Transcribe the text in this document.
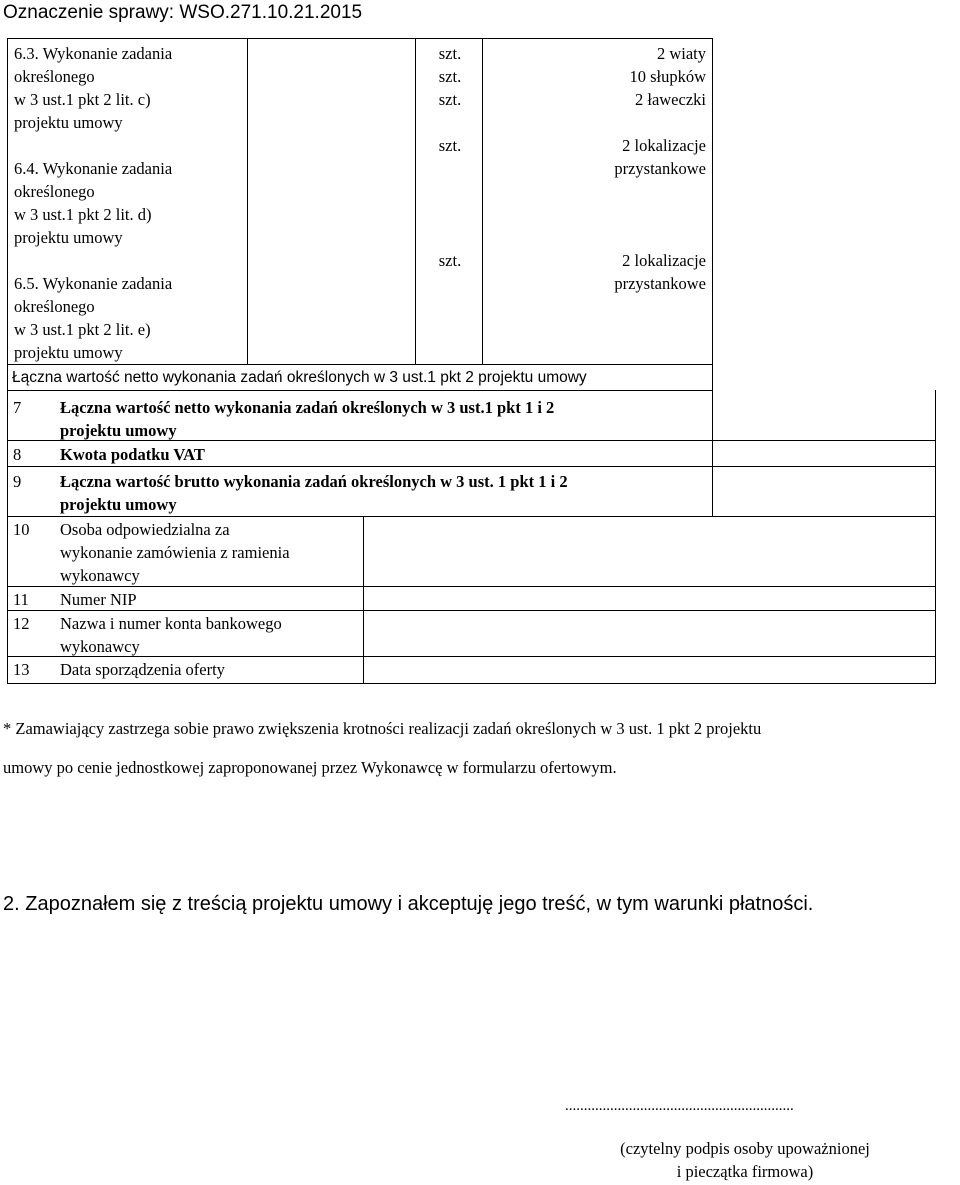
Oznaczenie sprawy: WSO.271.10.21.2015
6.3. Wykonanie zadania
określonego
w 3 ust.1 pkt 2 lit. c)
projektu umowy
szt.
szt.
szt.
2 wiaty
10 słupków
2 ławeczki
6.4. Wykonanie zadania
określonego
w 3 ust.1 pkt 2 lit. d)
projektu umowy
szt.	2 lokalizacje
przystankowe
6.5. Wykonanie zadania
określonego
w 3 ust.1 pkt 2 lit. e)
projektu umowy
szt.	2 lokalizacje
przystankowe
Łączna wartość netto wykonania zadań określonych w 3 ust.1 pkt 2 projektu umowy
7 Łączna wartość netto wykonania zadań określonych w 3 ust.1 pkt 1 i 2
projektu umowy
8 Kwota podatku VAT
9 Łączna wartość brutto wykonania zadań określonych w 3 ust. 1 pkt 1 i 2
projektu umowy
10 Osoba odpowiedzialna za
wykonanie zamówienia z ramienia
wykonawcy
11 Numer NIP
12 Nazwa i numer konta bankowego
wykonawcy
13 Data sporządzenia oferty
* Zamawiający zastrzega sobie prawo zwiększenia krotności realizacji zadań określonych w 3 ust. 1 pkt 2 projektu
umowy po cenie jednostkowej zaproponowanej przez Wykonawcę w formularzu ofertowym.
2. Zapoznałem się z treścią projektu umowy i akceptuję jego treść, w tym warunki płatności.
.............................................................
(czytelny podpis osoby upoważnionej
i pieczątka firmowa)
